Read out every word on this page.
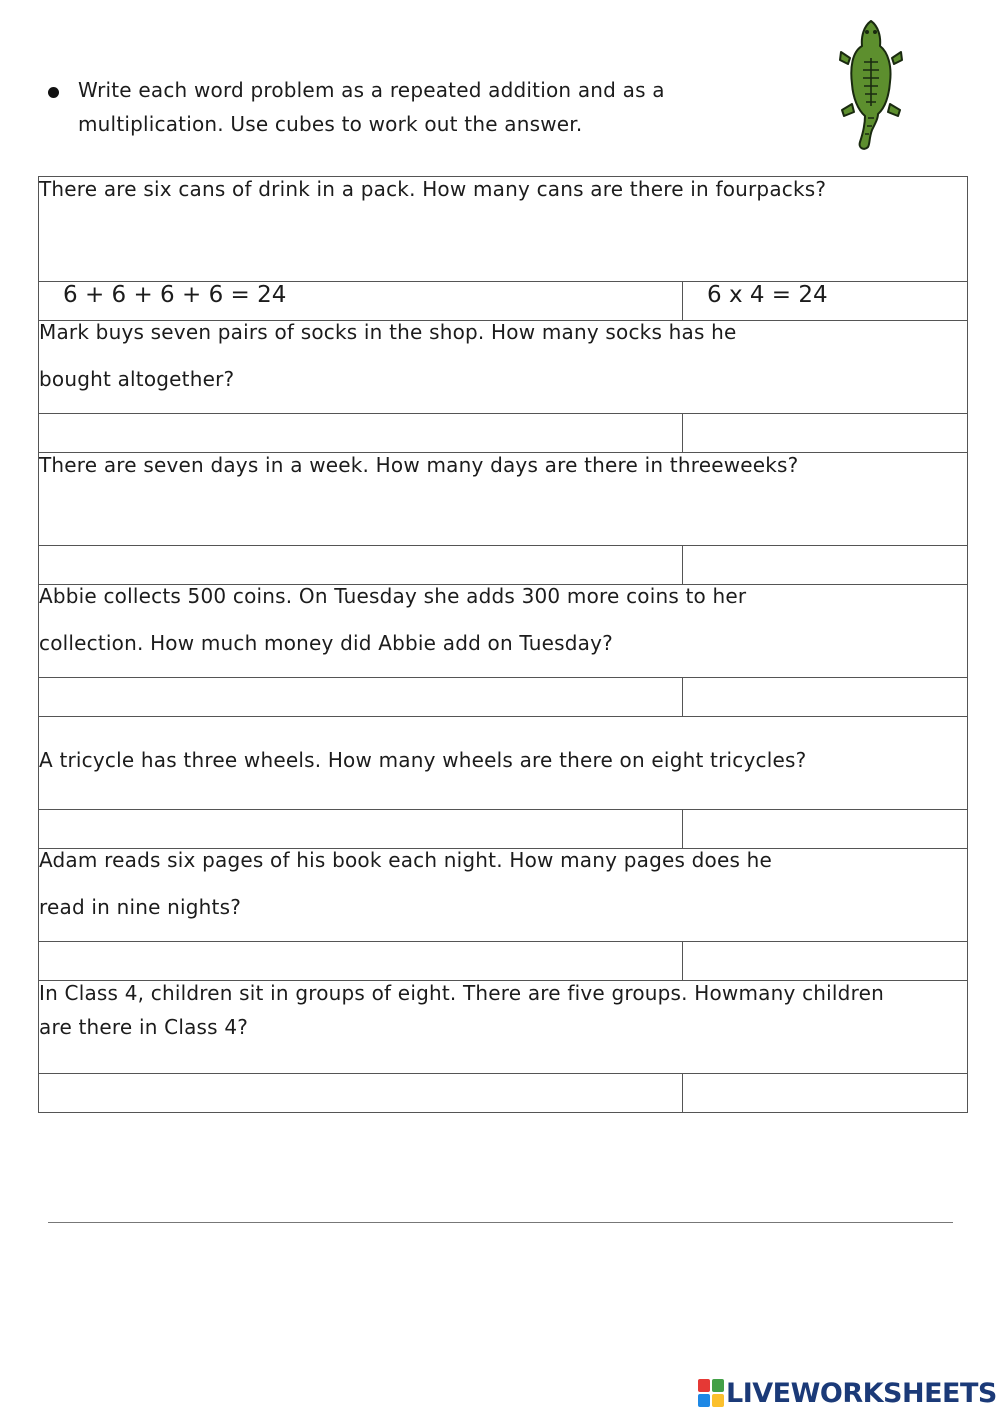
Write each word problem as a repeated addition and as a
multiplication. Use cubes to work out the answer.
There are six cans of drink in a pack. How many cans are there in fourpacks?	

6 + 6 + 6 + 6 = 24	6 x 4 = 24

Mark buys seven pairs of socks in the shop. How many socks has he
bought altogether?	

There are seven days in a week. How many days are there in threeweeks?	

Abbie collects 500 coins. On Tuesday she adds 300 more coins to her
collection. How much money did Abbie add on Tuesday?	

A tricycle has three wheels. How many wheels are there on eight tricycles?	

Adam reads six pages of his book each night. How many pages does he
read in nine nights?	

In Class 4, children sit in groups of eight. There are five groups. Howmany children
are there in Class 4?	

LIVEWORKSHEETS
